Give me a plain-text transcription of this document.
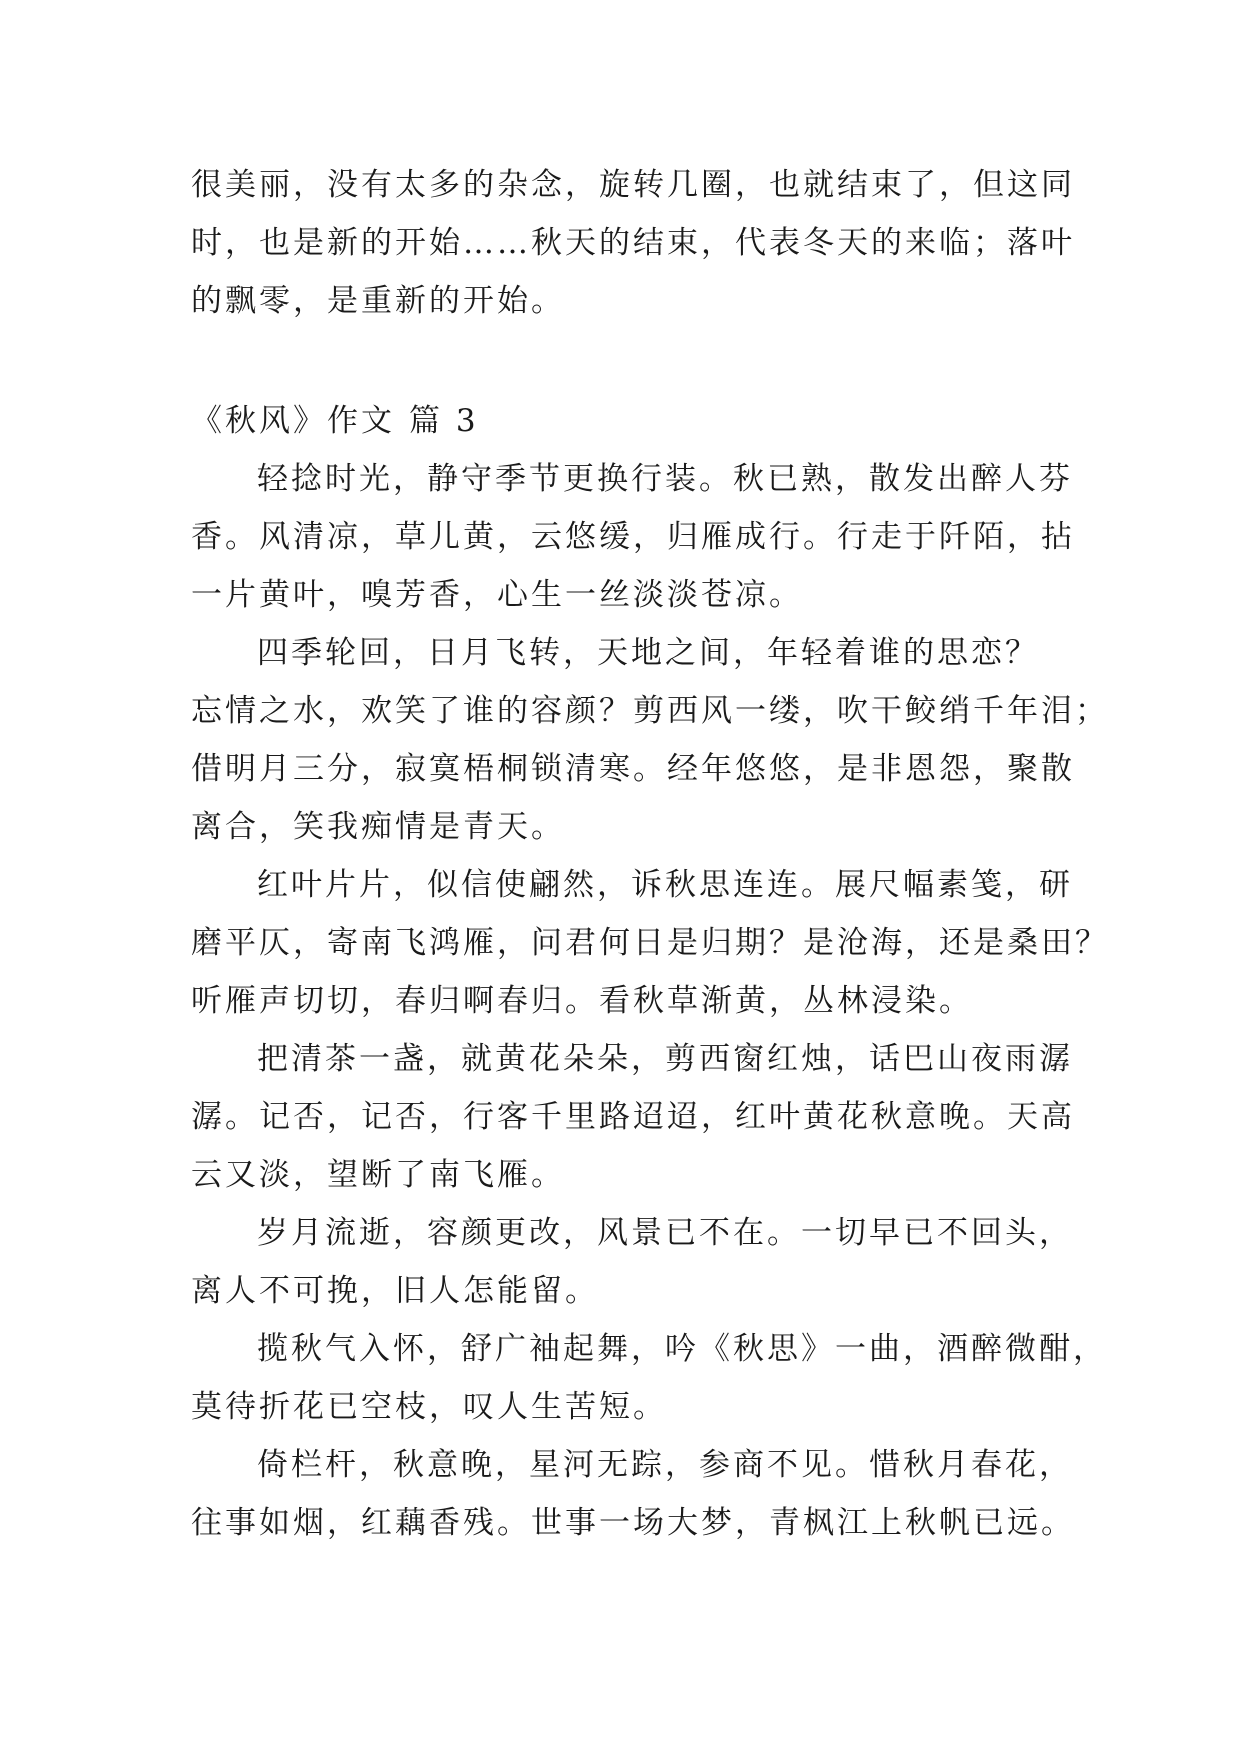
很美丽，没有太多的杂念，旋转几圈，也就结束了，但这同
时，也是新的开始……秋天的结束，代表冬天的来临；落叶
的飘零，是重新的开始。
《秋风》作文 篇 3
轻捻时光，静守季节更换行装。秋已熟，散发出醉人芬
香。风清凉，草儿黄，云悠缓，归雁成行。行走于阡陌，拈
一片黄叶，嗅芳香，心生一丝淡淡苍凉。
四季轮回，日月飞转，天地之间，年轻着谁的思恋？
忘情之水，欢笑了谁的容颜？剪西风一缕，吹干鲛绡千年泪；
借明月三分，寂寞梧桐锁清寒。经年悠悠，是非恩怨，聚散
离合，笑我痴情是青天。
红叶片片，似信使翩然，诉秋思连连。展尺幅素笺，研
磨平仄，寄南飞鸿雁，问君何日是归期？是沧海，还是桑田？
听雁声切切，春归啊春归。看秋草渐黄，丛林浸染。
把清茶一盏，就黄花朵朵，剪西窗红烛，话巴山夜雨潺
潺。记否，记否，行客千里路迢迢，红叶黄花秋意晚。天高
云又淡，望断了南飞雁。
岁月流逝，容颜更改，风景已不在。一切早已不回头，
离人不可挽，旧人怎能留。
揽秋气入怀，舒广袖起舞，吟《秋思》一曲，酒醉微酣，
莫待折花已空枝，叹人生苦短。
倚栏杆，秋意晚，星河无踪，参商不见。惜秋月春花，
往事如烟，红藕香残。世事一场大梦，青枫江上秋帆已远。
